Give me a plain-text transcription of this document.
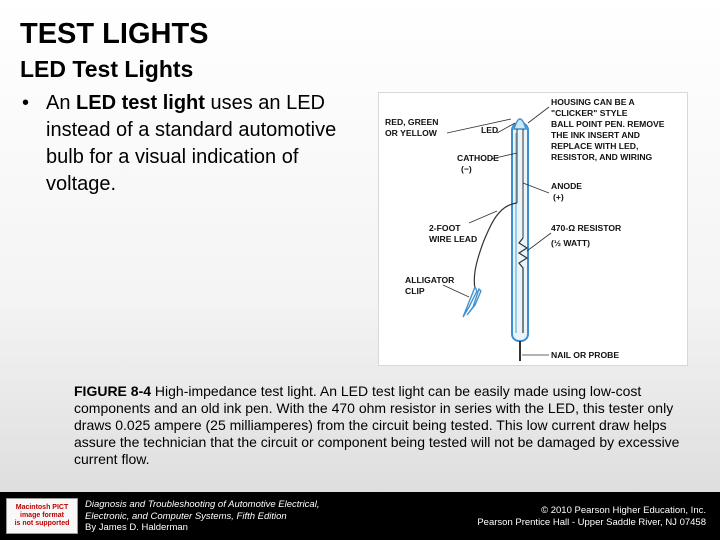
TEST LIGHTS
LED Test Lights
• An LED test light uses an LED instead of a standard automotive bulb for a visual indication of voltage.
RED, GREEN
OR YELLOW	LED
CATHODE
(−)
HOUSING CAN BE A
"CLICKER" STYLE
BALL POINT PEN. REMOVE
THE INK INSERT AND
REPLACE WITH LED,
RESISTOR, AND WIRING
ANODE
(+)
2-FOOT
WIRE LEAD
470-Ω RESISTOR
(½ WATT)
ALLIGATOR
CLIP
NAIL OR PROBE

FIGURE 8-4 High-impedance test light. An LED test light can be easily made using low-cost components and an old ink pen. With the 470 ohm resistor in series with the LED, this tester only draws 0.025 ampere (25 milliamperes) from the circuit being tested. This low current draw helps assure the technician that the circuit or component being tested will not be damaged by excessive current flow.

Macintosh PICT
image format
is not supported
Diagnosis and Troubleshooting of Automotive Electrical,
Electronic, and Computer Systems, Fifth Edition
By James D. Halderman
© 2010 Pearson Higher Education, Inc.
Pearson Prentice Hall - Upper Saddle River, NJ 07458
